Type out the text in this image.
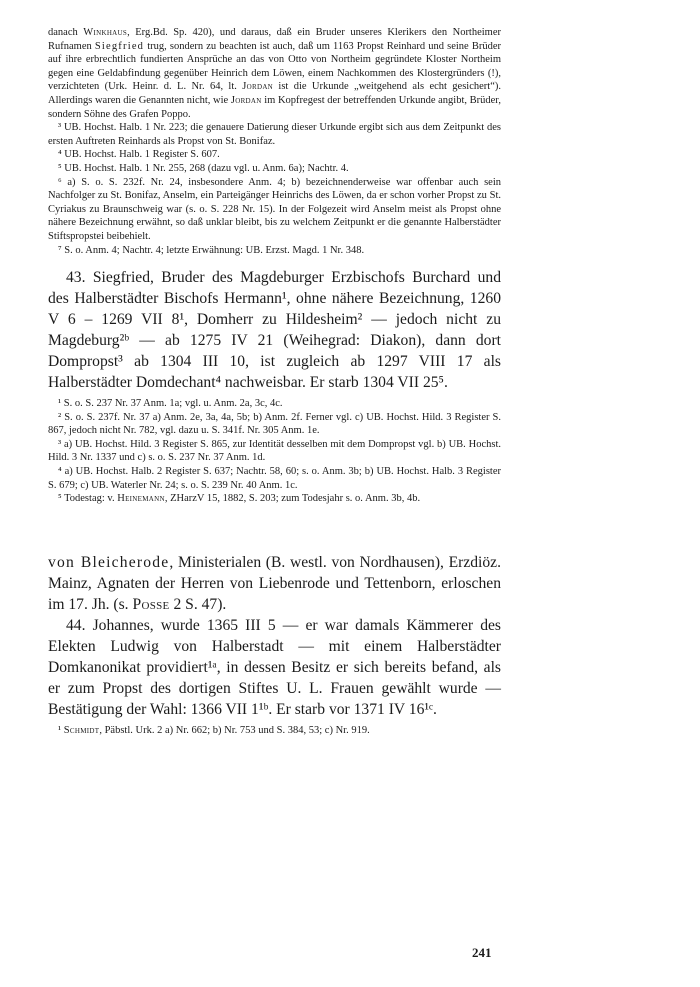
danach Winkhaus, Erg.Bd. Sp. 420), und daraus, daß ein Bruder unseres Klerikers den Northeimer Rufnamen Siegfried trug, sondern zu beachten ist auch, daß um 1163 Propst Reinhard und seine Brüder auf ihre erbrechtlich fundierten Ansprüche an das von Otto von Northeim gegründete Kloster Northeim gegen eine Geldabfindung gegenüber Heinrich dem Löwen, einem Nachkommen des Klostergründers (!), verzichteten (Urk. Heinr. d. L. Nr. 64, lt. Jordan ist die Urkunde „weitgehend als echt gesichert“). Allerdings waren die Genannten nicht, wie Jordan im Kopfregest der betreffenden Urkunde angibt, Brüder, sondern Söhne des Grafen Poppo.

³ UB. Hochst. Halb. 1 Nr. 223; die genauere Datierung dieser Urkunde ergibt sich aus dem Zeitpunkt des ersten Auftreten Reinhards als Propst von St. Bonifaz.

⁴ UB. Hochst. Halb. 1 Register S. 607.

⁵ UB. Hochst. Halb. 1 Nr. 255, 268 (dazu vgl. u. Anm. 6a); Nachtr. 4.

⁶ a) S. o. S. 232f. Nr. 24, insbesondere Anm. 4; b) bezeichnenderweise war offenbar auch sein Nachfolger zu St. Bonifaz, Anselm, ein Parteigänger Heinrichs des Löwen, da er schon vorher Propst zu St. Cyriakus zu Braunschweig war (s. o. S. 228 Nr. 15). In der Folgezeit wird Anselm meist als Propst ohne nähere Bezeichnung erwähnt, so daß unklar bleibt, bis zu welchem Zeitpunkt er die genannte Halberstädter Stiftspropstei beibehielt.

⁷ S. o. Anm. 4; Nachtr. 4; letzte Erwähnung: UB. Erzst. Magd. 1 Nr. 348.

43. Siegfried, Bruder des Magdeburger Erzbischofs Burchard und des Halberstädter Bischofs Hermann¹, ohne nähere Bezeichnung, 1260 V 6 – 1269 VII 8¹, Domherr zu Hildesheim² — jedoch nicht zu Magdeburg²ᵇ — ab 1275 IV 21 (Weihegrad: Diakon), dann dort Dompropst³ ab 1304 III 10, ist zugleich ab 1297 VIII 17 als Halberstädter Domdechant⁴ nachweisbar. Er starb 1304 VII 25⁵.

¹ S. o. S. 237 Nr. 37 Anm. 1a; vgl. u. Anm. 2a, 3c, 4c.

² S. o. S. 237f. Nr. 37 a) Anm. 2e, 3a, 4a, 5b; b) Anm. 2f. Ferner vgl. c) UB. Hochst. Hild. 3 Register S. 867, jedoch nicht Nr. 782, vgl. dazu u. S. 341f. Nr. 305 Anm. 1e.

³ a) UB. Hochst. Hild. 3 Register S. 865, zur Identität desselben mit dem Dompropst vgl. b) UB. Hochst. Hild. 3 Nr. 1337 und c) s. o. S. 237 Nr. 37 Anm. 1d.

⁴ a) UB. Hochst. Halb. 2 Register S. 637; Nachtr. 58, 60; s. o. Anm. 3b; b) UB. Hochst. Halb. 3 Register S. 679; c) UB. Waterler Nr. 24; s. o. S. 239 Nr. 40 Anm. 1c.

⁵ Todestag: v. Heinemann, ZHarzV 15, 1882, S. 203; zum Todesjahr s. o. Anm. 3b, 4b.

von Bleicherode, Ministerialen (B. westl. von Nordhausen), Erzdiöz. Mainz, Agnaten der Herren von Liebenrode und Tettenborn, erloschen im 17. Jh. (s. Posse 2 S. 47).

44. Johannes, wurde 1365 III 5 — er war damals Kämmerer des Elekten Ludwig von Halberstadt — mit einem Halberstädter Domkanonikat providiert¹ᵃ, in dessen Besitz er sich bereits befand, als er zum Propst des dortigen Stiftes U. L. Frauen gewählt wurde — Bestätigung der Wahl: 1366 VII 1¹ᵇ. Er starb vor 1371 IV 16¹ᶜ.

¹ Schmidt, Päbstl. Urk. 2 a) Nr. 662; b) Nr. 753 und S. 384, 53; c) Nr. 919.

241
